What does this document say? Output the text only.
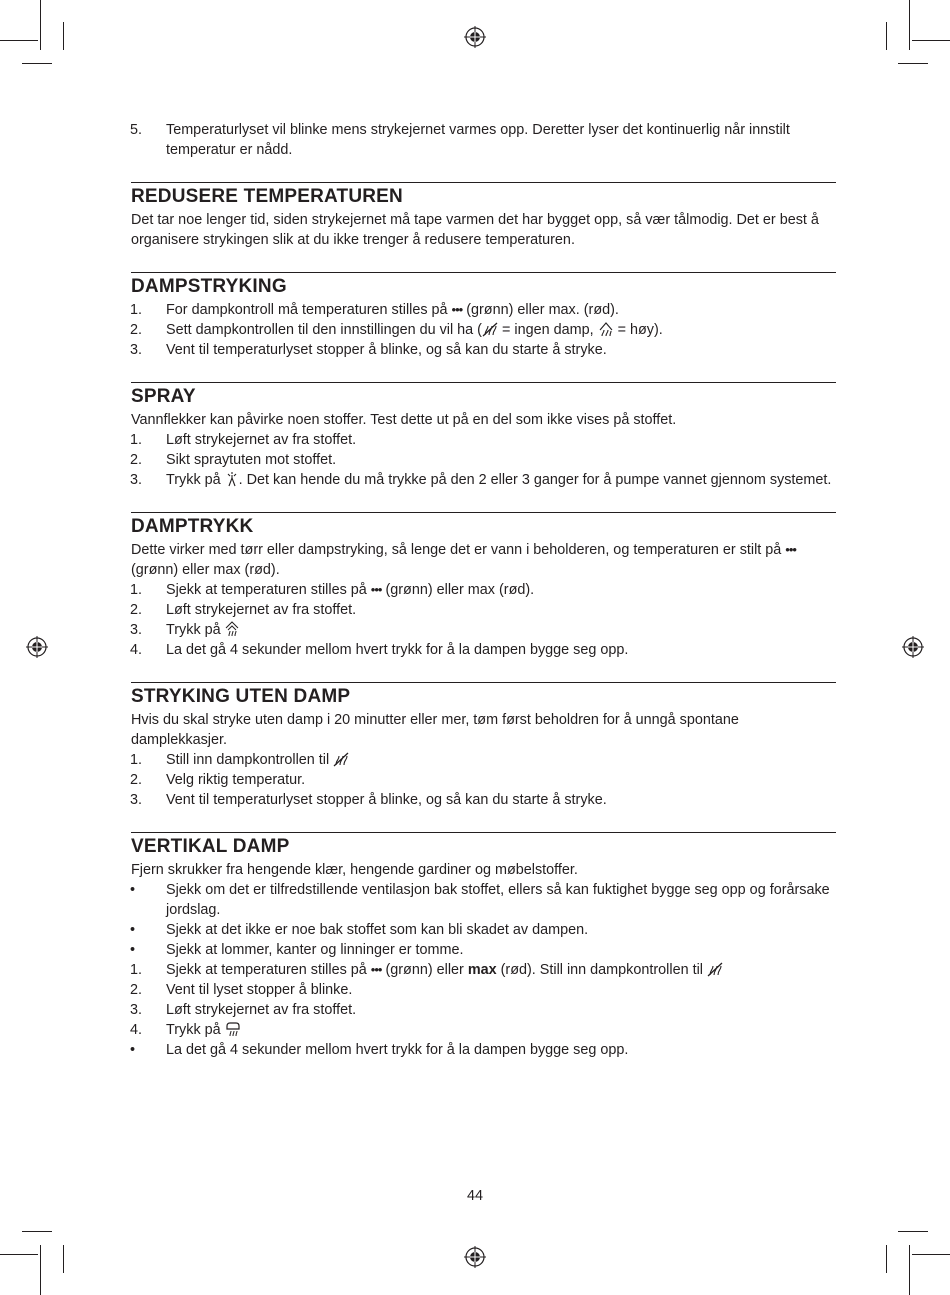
5.	Temperaturlyset vil blinke mens strykejernet varmes opp. Deretter lyser det kontinuerlig når innstilt temperatur er nådd.
REDUSERE TEMPERATUREN
Det tar noe lenger tid, siden strykejernet må tape varmen det har bygget opp, så vær tålmodig. Det er best å organisere strykingen slik at du ikke trenger å redusere temperaturen.
DAMPSTRYKING
1.	For dampkontroll må temperaturen stilles på ••• (grønn) eller max. (rød).
2.	Sett dampkontrollen til den innstillingen du vil ha ( = ingen damp, = høy).
3.	Vent til temperaturlyset stopper å blinke, og så kan du starte å stryke.
SPRAY
Vannflekker kan påvirke noen stoffer. Test dette ut på en del som ikke vises på stoffet.
1.	Løft strykejernet av fra stoffet.
2.	Sikt spraytuten mot stoffet.
3.	Trykk på . Det kan hende du må trykke på den 2 eller 3 ganger for å pumpe vannet gjennom systemet.
DAMPTRYKK
Dette virker med tørr eller dampstryking, så lenge det er vann i beholderen, og temperaturen er stilt på ••• (grønn) eller max (rød).
1.	Sjekk at temperaturen stilles på ••• (grønn) eller max (rød).
2.	Løft strykejernet av fra stoffet.
3.	Trykk på
4.	La det gå 4 sekunder mellom hvert trykk for å la dampen bygge seg opp.
STRYKING UTEN DAMP
Hvis du skal stryke uten damp i 20 minutter eller mer, tøm først beholdren for å unngå spontane damplekkasjer.
1.	Still inn dampkontrollen til
2.	Velg riktig temperatur.
3.	Vent til temperaturlyset stopper å blinke, og så kan du starte å stryke.
VERTIKAL DAMP
Fjern skrukker fra hengende klær, hengende gardiner og møbelstoffer.
•	Sjekk om det er tilfredstillende ventilasjon bak stoffet, ellers så kan fuktighet bygge seg opp og forårsake jordslag.
•	Sjekk at det ikke er noe bak stoffet som kan bli skadet av dampen.
•	Sjekk at lommer, kanter og linninger er tomme.
1.	Sjekk at temperaturen stilles på ••• (grønn) eller max (rød). Still inn dampkontrollen til
2.	Vent til lyset stopper å blinke.
3.	Løft strykejernet av fra stoffet.
4.	Trykk på
•	La det gå 4 sekunder mellom hvert trykk for å la dampen bygge seg opp.
44
